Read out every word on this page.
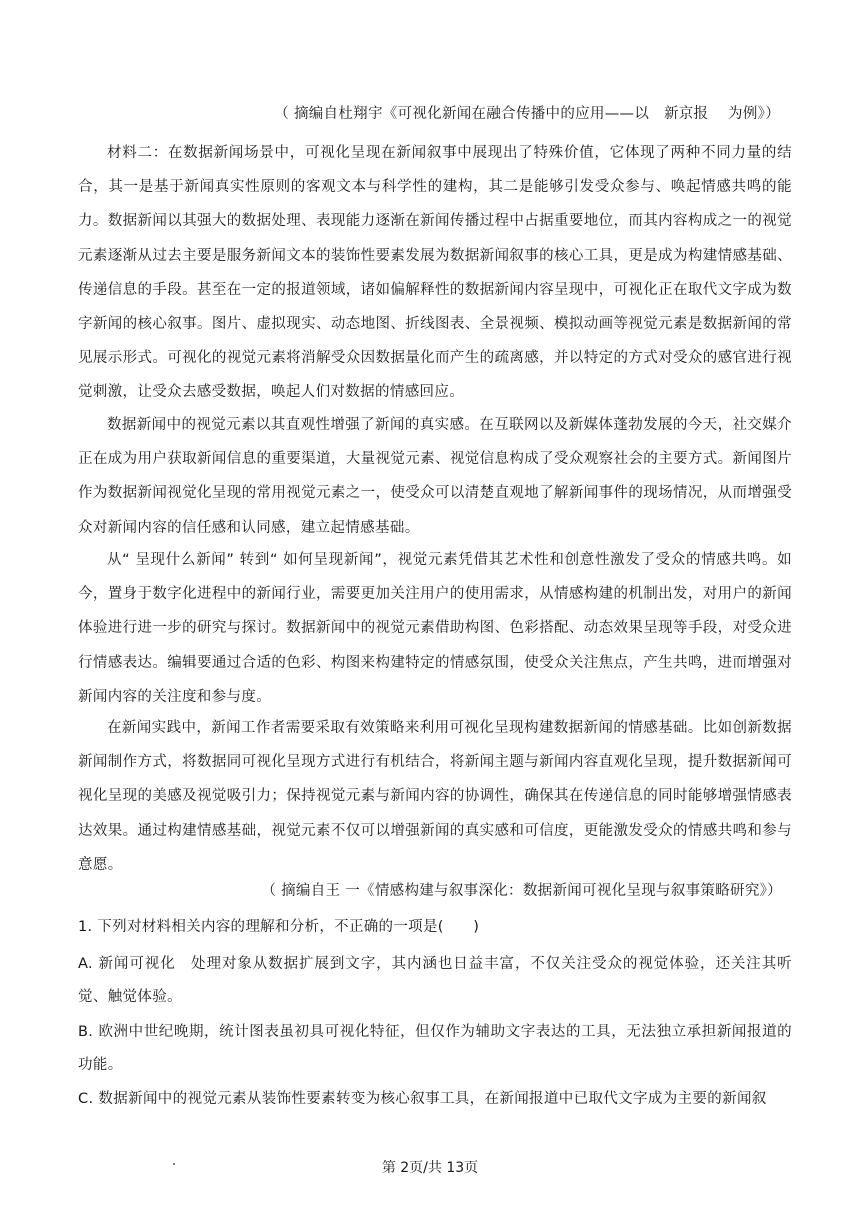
（ 摘编自杜翔宇《可视化新闻在融合传播中的应用——以　新京报　 为例》）

材料二：在数据新闻场景中，可视化呈现在新闻叙事中展现出了特殊价值，它体现了两种不同力量的结合，其一是基于新闻真实性原则的客观文本与科学性的建构，其二是能够引发受众参与、唤起情感共鸣的能力。数据新闻以其强大的数据处理、表现能力逐渐在新闻传播过程中占据重要地位，而其内容构成之一的视觉元素逐渐从过去主要是服务新闻文本的装饰性要素发展为数据新闻叙事的核心工具，更是成为构建情感基础、传递信息的手段。甚至在一定的报道领域，诸如偏解释性的数据新闻内容呈现中，可视化正在取代文字成为数字新闻的核心叙事。图片、虚拟现实、动态地图、折线图表、全景视频、模拟动画等视觉元素是数据新闻的常见展示形式。可视化的视觉元素将消解受众因数据量化而产生的疏离感，并以特定的方式对受众的感官进行视觉刺激，让受众去感受数据，唤起人们对数据的情感回应。

数据新闻中的视觉元素以其直观性增强了新闻的真实感。在互联网以及新媒体蓬勃发展的今天，社交媒介正在成为用户获取新闻信息的重要渠道，大量视觉元素、视觉信息构成了受众观察社会的主要方式。新闻图片作为数据新闻视觉化呈现的常用视觉元素之一，使受众可以清楚直观地了解新闻事件的现场情况，从而增强受众对新闻内容的信任感和认同感，建立起情感基础。

从“ 呈现什么新闻” 转到“ 如何呈现新闻”，视觉元素凭借其艺术性和创意性激发了受众的情感共鸣。如今，置身于数字化进程中的新闻行业，需要更加关注用户的使用需求，从情感构建的机制出发，对用户的新闻体验进行进一步的研究与探讨。数据新闻中的视觉元素借助构图、色彩搭配、动态效果呈现等手段，对受众进行情感表达。编辑要通过合适的色彩、构图来构建特定的情感氛围，使受众关注焦点，产生共鸣，进而增强对新闻内容的关注度和参与度。

在新闻实践中，新闻工作者需要采取有效策略来利用可视化呈现构建数据新闻的情感基础。比如创新数据新闻制作方式，将数据同可视化呈现方式进行有机结合，将新闻主题与新闻内容直观化呈现，提升数据新闻可视化呈现的美感及视觉吸引力；保持视觉元素与新闻内容的协调性，确保其在传递信息的同时能够增强情感表达效果。通过构建情感基础，视觉元素不仅可以增强新闻的真实感和可信度，更能激发受众的情感共鸣和参与意愿。

（ 摘编自王 一《情感构建与叙事深化：数据新闻可视化呈现与叙事策略研究》）
1. 下列对材料相关内容的理解和分析，不正确的一项是(　　)

A. 新闻可视化　处理对象从数据扩展到文字，其内涵也日益丰富，不仅关注受众的视觉体验，还关注其听觉、触觉体验。

B. 欧洲中世纪晚期，统计图表虽初具可视化特征，但仅作为辅助文字表达的工具，无法独立承担新闻报道的功能。

C. 数据新闻中的视觉元素从装饰性要素转变为核心叙事工具，在新闻报道中已取代文字成为主要的新闻叙

第 2页/共 13页
